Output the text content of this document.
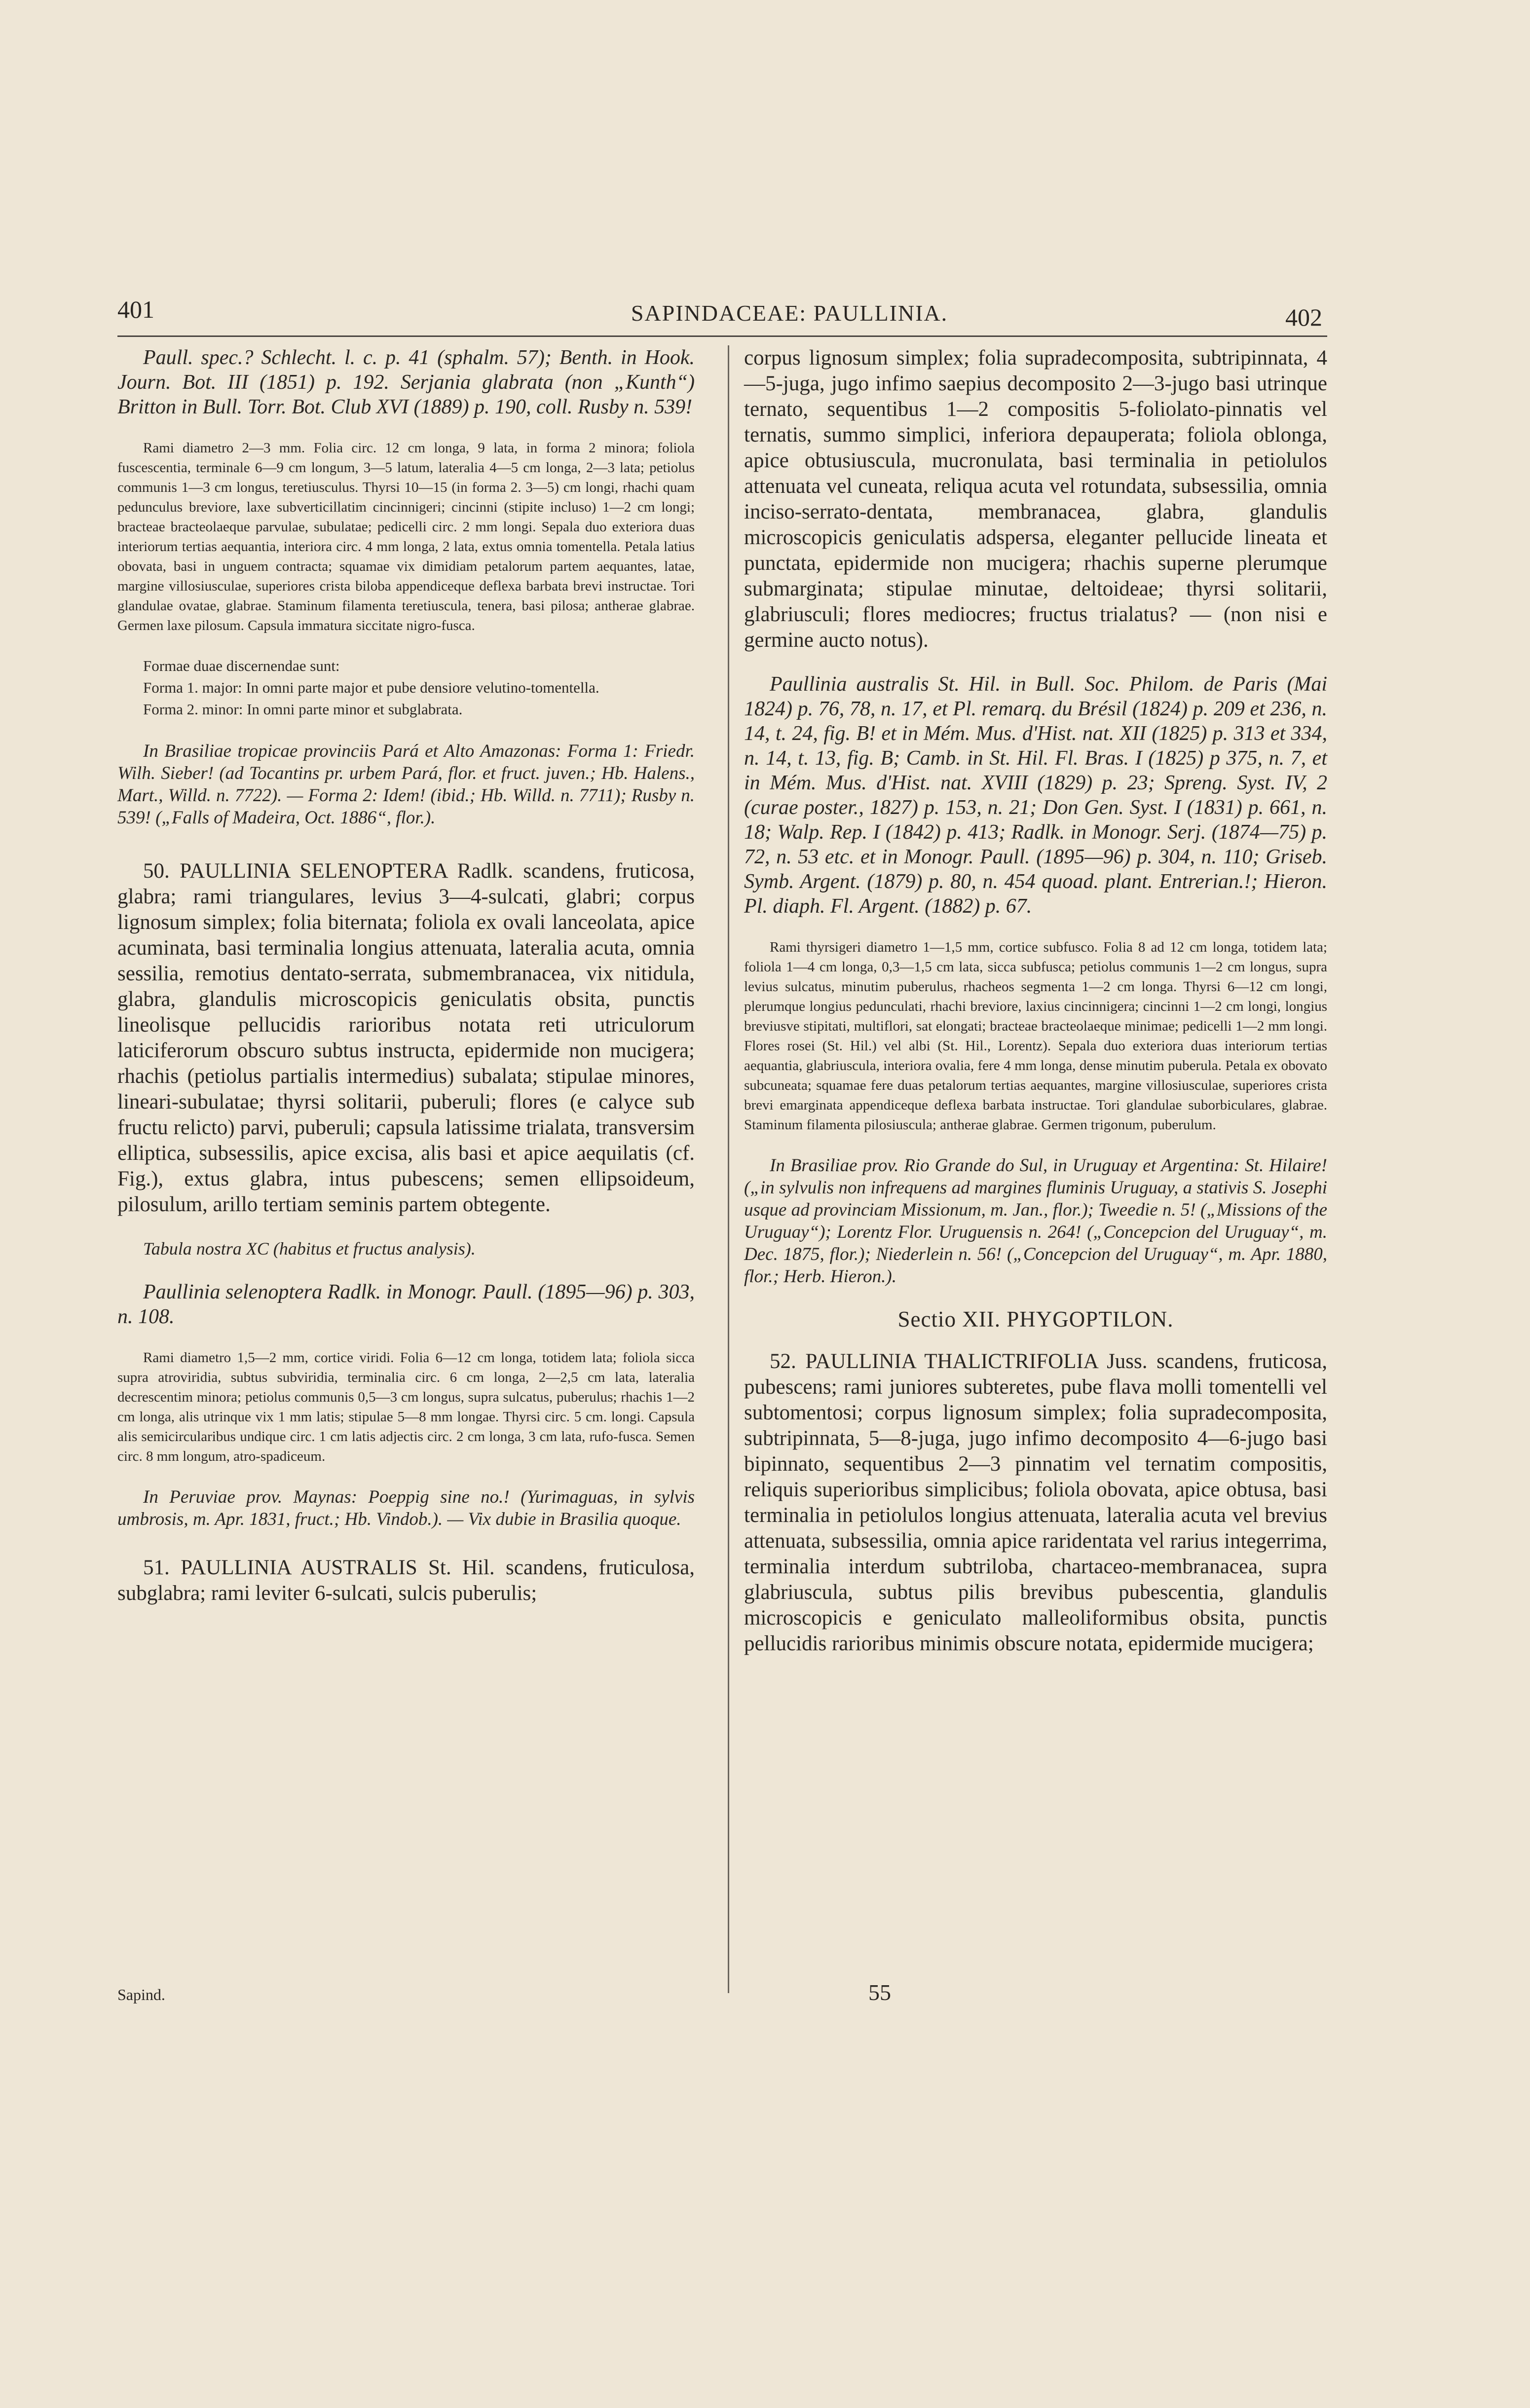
401	SAPINDACEAE: PAULLINIA.	402

Paull. spec.? Schlecht. l. c. p. 41 (sphalm. 57); Benth. in Hook. Journ. Bot. III (1851) p. 192. Serjania glabrata (non „Kunth“) Britton in Bull. Torr. Bot. Club XVI (1889) p. 190, coll. Rusby n. 539!

Rami diametro 2—3 mm. Folia circ. 12 cm longa, 9 lata, in forma 2 minora; foliola fuscescentia, terminale 6—9 cm longum, 3—5 latum, lateralia 4—5 cm longa, 2—3 lata; petiolus communis 1—3 cm longus, teretiusculus. Thyrsi 10—15 (in forma 2. 3—5) cm longi, rhachi quam pedunculus breviore, laxe subverticillatim cincinnigeri; cincinni (stipite incluso) 1—2 cm longi; bracteae bracteolaeque parvulae, subulatae; pedicelli circ. 2 mm longi. Sepala duo exteriora duas interiorum tertias aequantia, interiora circ. 4 mm longa, 2 lata, extus omnia tomentella. Petala latius obovata, basi in unguem contracta; squamae vix dimidiam petalorum partem aequantes, latae, margine villosiusculae, superiores crista biloba appendiceque deflexa barbata brevi instructae. Tori glandulae ovatae, glabrae. Staminum filamenta teretiuscula, tenera, basi pilosa; antherae glabrae. Germen laxe pilosum. Capsula immatura siccitate nigro-fusca.

Formae duae discernendae sunt:

Forma 1. major: In omni parte major et pube densiore velutino-tomentella.

Forma 2. minor: In omni parte minor et subglabrata.

In Brasiliae tropicae provinciis Pará et Alto Amazonas: Forma 1: Friedr. Wilh. Sieber! (ad Tocantins pr. urbem Pará, flor. et fruct. juven.; Hb. Halens., Mart., Willd. n. 7722). — Forma 2: Idem! (ibid.; Hb. Willd. n. 7711); Rusby n. 539! („Falls of Madeira, Oct. 1886“, flor.).

50. PAULLINIA SELENOPTERA Radlk. scandens, fruticosa, glabra; rami triangulares, levius 3—4-sulcati, glabri; corpus lignosum simplex; folia biternata; foliola ex ovali lanceolata, apice acuminata, basi terminalia longius attenuata, lateralia acuta, omnia sessilia, remotius dentato-serrata, submembranacea, vix nitidula, glabra, glandulis microscopicis geniculatis obsita, punctis lineolisque pellucidis rarioribus notata reti utriculorum laticiferorum obscuro subtus instructa, epidermide non mucigera; rhachis (petiolus partialis intermedius) subalata; stipulae minores, lineari-subulatae; thyrsi solitarii, puberuli; flores (e calyce sub fructu relicto) parvi, puberuli; capsula latissime trialata, transversim elliptica, subsessilis, apice excisa, alis basi et apice aequilatis (cf. Fig.), extus glabra, intus pubescens; semen ellipsoideum, pilosulum, arillo tertiam seminis partem obtegente.

Tabula nostra XC (habitus et fructus analysis).

Paullinia selenoptera Radlk. in Monogr. Paull. (1895—96) p. 303, n. 108.

Rami diametro 1,5—2 mm, cortice viridi. Folia 6—12 cm longa, totidem lata; foliola sicca supra atroviridia, subtus subviridia, terminalia circ. 6 cm longa, 2—2,5 cm lata, lateralia decrescentim minora; petiolus communis 0,5—3 cm longus, supra sulcatus, puberulus; rhachis 1—2 cm longa, alis utrinque vix 1 mm latis; stipulae 5—8 mm longae. Thyrsi circ. 5 cm. longi. Capsula alis semicircularibus undique circ. 1 cm latis adjectis circ. 2 cm longa, 3 cm lata, rufo-fusca. Semen circ. 8 mm longum, atro-spadiceum.

In Peruviae prov. Maynas: Poeppig sine no.! (Yurimaguas, in sylvis umbrosis, m. Apr. 1831, fruct.; Hb. Vindob.). — Vix dubie in Brasilia quoque.

51. PAULLINIA AUSTRALIS St. Hil. scandens, fruticulosa, subglabra; rami leviter 6-sulcati, sulcis puberulis;

corpus lignosum simplex; folia supradecomposita, subtripinnata, 4—5-juga, jugo infimo saepius decomposito 2—3-jugo basi utrinque ternato, sequentibus 1—2 compositis 5-foliolato-pinnatis vel ternatis, summo simplici, inferiora depauperata; foliola oblonga, apice obtusiuscula, mucronulata, basi terminalia in petiolulos attenuata vel cuneata, reliqua acuta vel rotundata, subsessilia, omnia inciso-serrato-dentata, membranacea, glabra, glandulis microscopicis geniculatis adspersa, eleganter pellucide lineata et punctata, epidermide non mucigera; rhachis superne plerumque submarginata; stipulae minutae, deltoideae; thyrsi solitarii, glabriusculi; flores mediocres; fructus trialatus? — (non nisi e germine aucto notus).

Paullinia australis St. Hil. in Bull. Soc. Philom. de Paris (Mai 1824) p. 76, 78, n. 17, et Pl. remarq. du Brésil (1824) p. 209 et 236, n. 14, t. 24, fig. B! et in Mém. Mus. d'Hist. nat. XII (1825) p. 313 et 334, n. 14, t. 13, fig. B; Camb. in St. Hil. Fl. Bras. I (1825) p 375, n. 7, et in Mém. Mus. d'Hist. nat. XVIII (1829) p. 23; Spreng. Syst. IV, 2 (curae poster., 1827) p. 153, n. 21; Don Gen. Syst. I (1831) p. 661, n. 18; Walp. Rep. I (1842) p. 413; Radlk. in Monogr. Serj. (1874—75) p. 72, n. 53 etc. et in Monogr. Paull. (1895—96) p. 304, n. 110; Griseb. Symb. Argent. (1879) p. 80, n. 454 quoad. plant. Entrerian.!; Hieron. Pl. diaph. Fl. Argent. (1882) p. 67.

Rami thyrsigeri diametro 1—1,5 mm, cortice subfusco. Folia 8 ad 12 cm longa, totidem lata; foliola 1—4 cm longa, 0,3—1,5 cm lata, sicca subfusca; petiolus communis 1—2 cm longus, supra levius sulcatus, minutim puberulus, rhacheos segmenta 1—2 cm longa. Thyrsi 6—12 cm longi, plerumque longius pedunculati, rhachi breviore, laxius cincinnigera; cincinni 1—2 cm longi, longius breviusve stipitati, multiflori, sat elongati; bracteae bracteolaeque minimae; pedicelli 1—2 mm longi. Flores rosei (St. Hil.) vel albi (St. Hil., Lorentz). Sepala duo exteriora duas interiorum tertias aequantia, glabriuscula, interiora ovalia, fere 4 mm longa, dense minutim puberula. Petala ex obovato subcuneata; squamae fere duas petalorum tertias aequantes, margine villosiusculae, superiores crista brevi emarginata appendiceque deflexa barbata instructae. Tori glandulae suborbiculares, glabrae. Staminum filamenta pilosiuscula; antherae glabrae. Germen trigonum, puberulum.

In Brasiliae prov. Rio Grande do Sul, in Uruguay et Argentina: St. Hilaire! („in sylvulis non infrequens ad margines fluminis Uruguay, a stativis S. Josephi usque ad provinciam Missionum, m. Jan., flor.); Tweedie n. 5! („Missions of the Uruguay“); Lorentz Flor. Uruguensis n. 264! („Concepcion del Uruguay“, m. Dec. 1875, flor.); Niederlein n. 56! („Concepcion del Uruguay“, m. Apr. 1880, flor.; Herb. Hieron.).

Sectio XII. PHYGOPTILON.

52. PAULLINIA THALICTRIFOLIA Juss. scandens, fruticosa, pubescens; rami juniores subteretes, pube flava molli tomentelli vel subtomentosi; corpus lignosum simplex; folia supradecomposita, subtripinnata, 5—8-juga, jugo infimo decomposito 4—6-jugo basi bipinnato, sequentibus 2—3 pinnatim vel ternatim compositis, reliquis superioribus simplicibus; foliola obovata, apice obtusa, basi terminalia in petiolulos longius attenuata, lateralia acuta vel brevius attenuata, subsessilia, omnia apice raridentata vel rarius integerrima, terminalia interdum subtriloba, chartaceo-membranacea, supra glabriuscula, subtus pilis brevibus pubescentia, glandulis microscopicis e geniculato malleoliformibus obsita, punctis pellucidis rarioribus minimis obscure notata, epidermide mucigera;

Sapind.	55
